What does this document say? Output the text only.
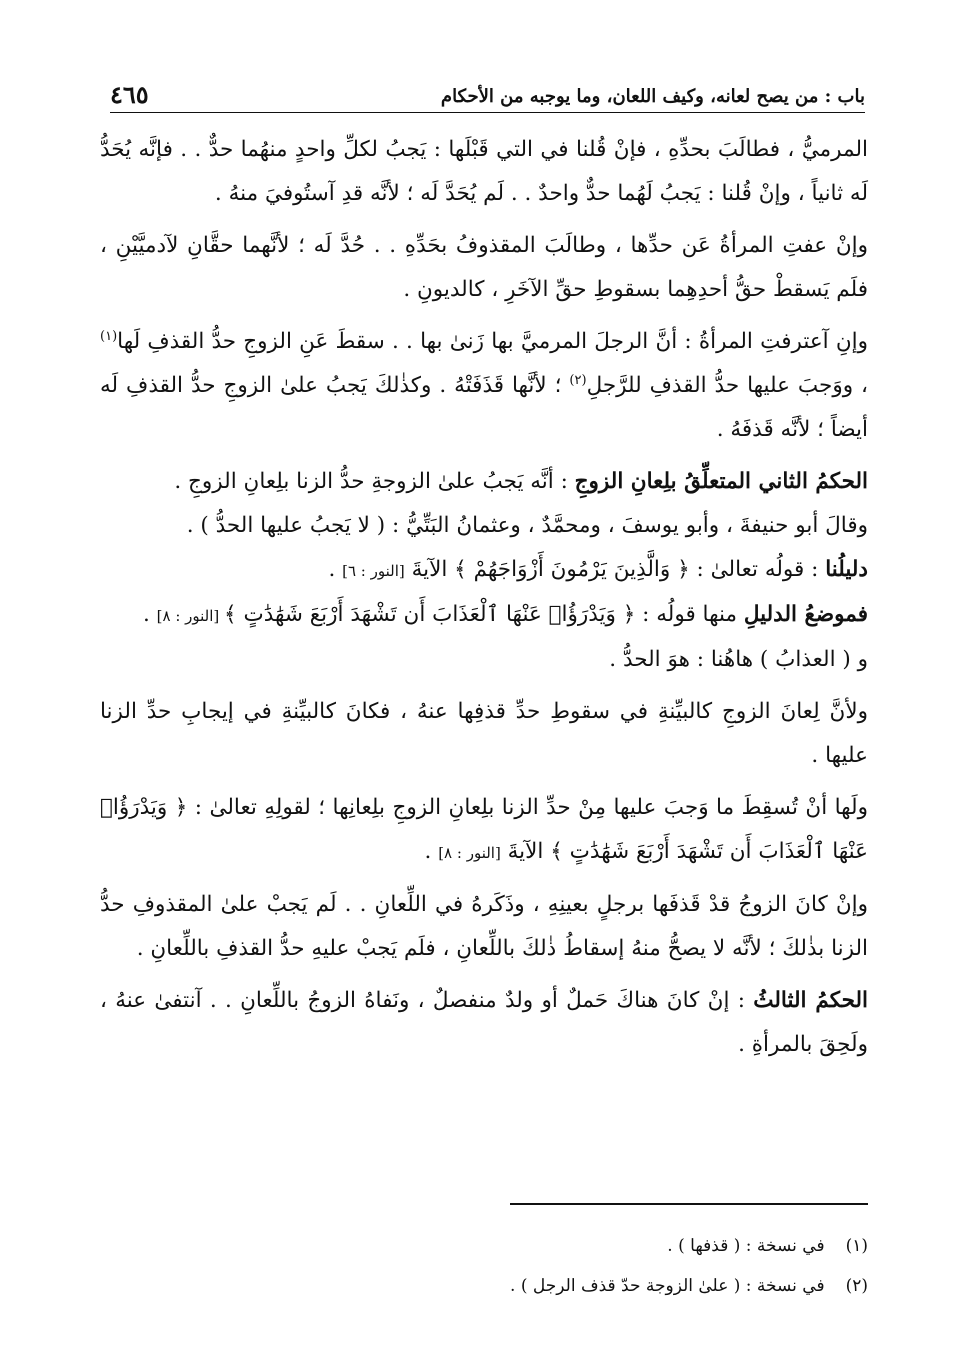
باب : من يصح لعانه، وكيف اللعان، وما يوجبه من الأحكام
٤٦٥

المرميُّ ، فطالَبَ بحدِّهِ ، فإنْ قُلنا في التي قَبْلَها : يَجبُ لكلِّ واحدٍ منهُما حدٌّ . . فإنَّه يُحَدُّ لَه ثانياً ، وإنْ قُلنا : يَجبُ لَهُما حدٌّ واحدٌ . . لَم يُحَدَّ لَه ؛ لأنَّه قدِ آستُوفيَ منهُ .

وإنْ عفتِ المرأةُ عَن حدِّها ، وطالَبَ المقذوفُ بحَدِّهِ . . حُدَّ لَه ؛ لأنَّهما حقَّانِ لآدميَّيْنِ ، فلَم يَسقطْ حقُّ أحدِهِما بسقوطِ حقِّ الآخَرِ ، كالديونِ .

وإنِ آعترفتِ المرأةُ : أنَّ الرجلَ المرميَّ بها زَنىٰ بها . . سقطَ عَنِ الزوجِ حدُّ القذفِ لَها$^{(١)}$ ، ووَجبَ عليها حدُّ القذفِ للرَّجلِ$^{(٢)}$ ؛ لأنَّها قَذَفَتْهُ . وكذٰلكَ يَجبُ علىٰ الزوجِ حدُّ القذفِ لَه أيضاً ؛ لأنَّه قَذفَهُ .

الحكمُ الثاني المتعلِّقُ بلِعانِ الزوجِ : أنَّه يَجبُ علىٰ الزوجةِ حدُّ الزنا بلِعانِ الزوجِ .

وقالَ أبو حنيفةَ ، وأبو يوسفَ ، ومحمَّدٌ ، وعثمانُ البَتِّيُّ : ( لا يَجبُ عليها الحدُّ ) .

دليلُنا : قولُه تعالىٰ : ﴿ وَالَّذِينَ يَرْمُونَ أَزْوَاجَهُمْ ﴾ الآيةَ [النور : ٦] .

فموضعُ الدليلِ منها قولُه : ﴿ وَيَدْرَؤُا۟ عَنْهَا ٱلْعَذَابَ أَن تَشْهَدَ أَرْبَعَ شَهَٰدَٰتٍ ﴾ [النور : ٨] .

و ( العذابُ ) هاهُنا : هوَ الحدُّ .

ولأنَّ لِعانَ الزوجِ كالبيِّنةِ في سقوطِ حدِّ قذفِها عنهُ ، فكانَ كالبيِّنةِ في إيجابِ حدِّ الزنا عليها .

ولَها أنْ تُسقِطَ ما وَجبَ عليها مِنْ حدِّ الزنا بلِعانِ الزوجِ بلِعانِها ؛ لقولِهِ تعالىٰ : ﴿ وَيَدْرَؤُا۟ عَنْهَا ٱلْعَذَابَ أَن تَشْهَدَ أَرْبَعَ شَهَٰدَٰتٍ ﴾ الآيةَ [النور : ٨] .

وإنْ كانَ الزوجُ قدْ قَذفَها برجلٍ بعينِهِ ، وذَكَرهُ في اللِّعانِ . . لَم يَجبْ علىٰ المقذوفِ حدُّ الزنا بذٰلكَ ؛ لأنَّه لا يصحُّ منهُ إسقاطُ ذٰلكَ باللِّعانِ ، فلَم يَجبْ عليهِ حدُّ القذفِ باللِّعانِ .

الحكمُ الثالثُ : إنْ كانَ هناكَ حَملٌ أو ولدٌ منفصلٌ ، ونَفاهُ الزوجُ باللِّعانِ . . آنتفىٰ عنهُ ، ولَحِقَ بالمرأةِ .

(١) في نسخة : ( قذفها ) .
(٢) في نسخة : ( علىٰ الزوجة حدّ قذف الرجل ) .
